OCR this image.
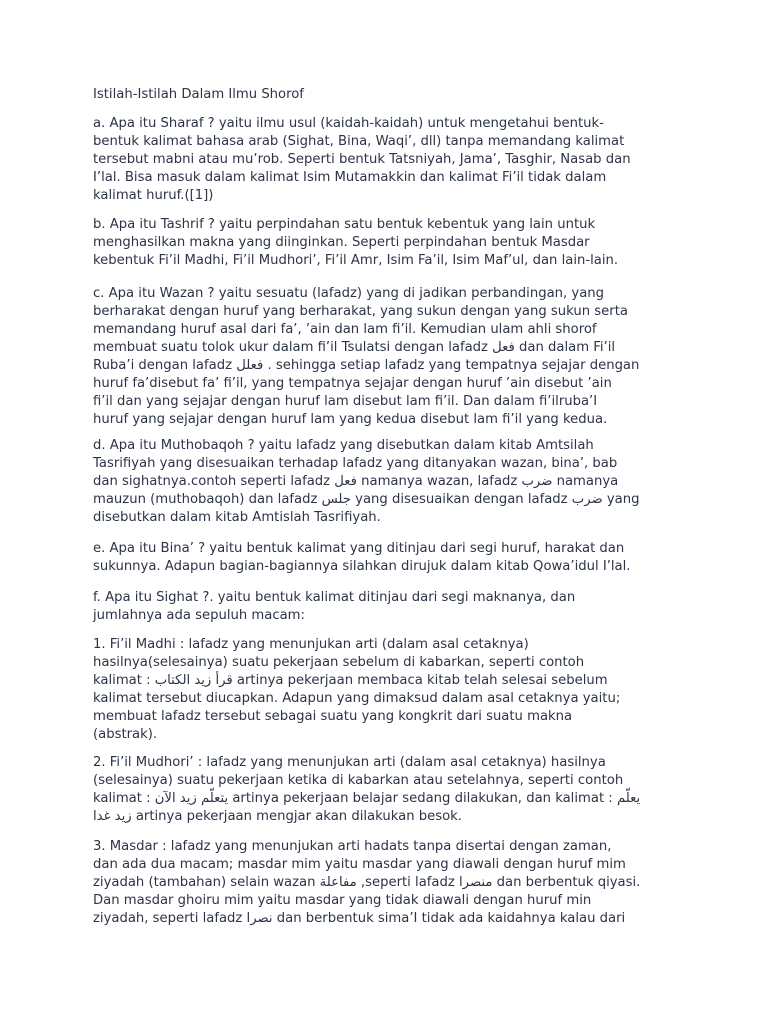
Istilah-Istilah Dalam Ilmu Shorof
a. Apa itu Sharaf ? yaitu ilmu usul (kaidah-kaidah) untuk mengetahui bentuk-
bentuk kalimat bahasa arab (Sighat, Bina, Waqi’, dll) tanpa memandang kalimat
tersebut mabni atau mu’rob. Seperti bentuk Tatsniyah, Jama’, Tasghir, Nasab dan
I’lal. Bisa masuk dalam kalimat Isim Mutamakkin dan kalimat Fi’il tidak dalam
kalimat huruf.([1])
b. Apa itu Tashrif ? yaitu perpindahan satu bentuk kebentuk yang lain untuk
menghasilkan makna yang diinginkan. Seperti perpindahan bentuk Masdar
kebentuk Fi’il Madhi, Fi’il Mudhori’, Fi’il Amr, Isim Fa’il, Isim Maf’ul, dan lain-lain.
c. Apa itu Wazan ? yaitu sesuatu (lafadz) yang di jadikan perbandingan, yang
berharakat dengan huruf yang berharakat, yang sukun dengan yang sukun serta
memandang huruf asal dari fa’, ’ain dan lam fi’il. Kemudian ulam ahli shorof
membuat suatu tolok ukur dalam fi’il Tsulatsi dengan lafadz فعل dan dalam Fi’il
Ruba’i dengan lafadz فعلل . sehingga setiap lafadz yang tempatnya sejajar dengan
huruf fa’disebut fa’ fi’il, yang tempatnya sejajar dengan huruf ’ain disebut ’ain
fi’il dan yang sejajar dengan huruf lam disebut lam fi’il. Dan dalam fi’ilruba’I
huruf yang sejajar dengan huruf lam yang kedua disebut lam fi’il yang kedua.
d. Apa itu Muthobaqoh ? yaitu lafadz yang disebutkan dalam kitab Amtsilah
Tasrifiyah yang disesuaikan terhadap lafadz yang ditanyakan wazan, bina’, bab
dan sighatnya.contoh seperti lafadz فعل namanya wazan, lafadz ضرب namanya
mauzun (muthobaqoh) dan lafadz جلس yang disesuaikan dengan lafadz ضرب yang
disebutkan dalam kitab Amtislah Tasrifiyah.
e. Apa itu Bina’ ? yaitu bentuk kalimat yang ditinjau dari segi huruf, harakat dan
sukunnya. Adapun bagian-bagiannya silahkan dirujuk dalam kitab Qowa’idul I’lal.
f. Apa itu Sighat ?. yaitu bentuk kalimat ditinjau dari segi maknanya, dan
jumlahnya ada sepuluh macam:
1. Fi’il Madhi : lafadz yang menunjukan arti (dalam asal cetaknya)
hasilnya(selesainya) suatu pekerjaan sebelum di kabarkan, seperti contoh
kalimat : قرأ زيد الكتاب artinya pekerjaan membaca kitab telah selesai sebelum
kalimat tersebut diucapkan. Adapun yang dimaksud dalam asal cetaknya yaitu;
membuat lafadz tersebut sebagai suatu yang kongkrit dari suatu makna
(abstrak).
2. Fi’il Mudhori’ : lafadz yang menunjukan arti (dalam asal cetaknya) hasilnya
(selesainya) suatu pekerjaan ketika di kabarkan atau setelahnya, seperti contoh
kalimat : يتعلّم زيد الآن artinya pekerjaan belajar sedang dilakukan, dan kalimat : يعلّم
زيد غدا artinya pekerjaan mengjar akan dilakukan besok.
3. Masdar : lafadz yang menunjukan arti hadats tanpa disertai dengan zaman,
dan ada dua macam; masdar mim yaitu masdar yang diawali dengan huruf mim
ziyadah (tambahan) selain wazan مفاعلة ,seperti lafadz منصرا dan berbentuk qiyasi.
Dan masdar ghoiru mim yaitu masdar yang tidak diawali dengan huruf min
ziyadah, seperti lafadz نصرا dan berbentuk sima’I tidak ada kaidahnya kalau dari
